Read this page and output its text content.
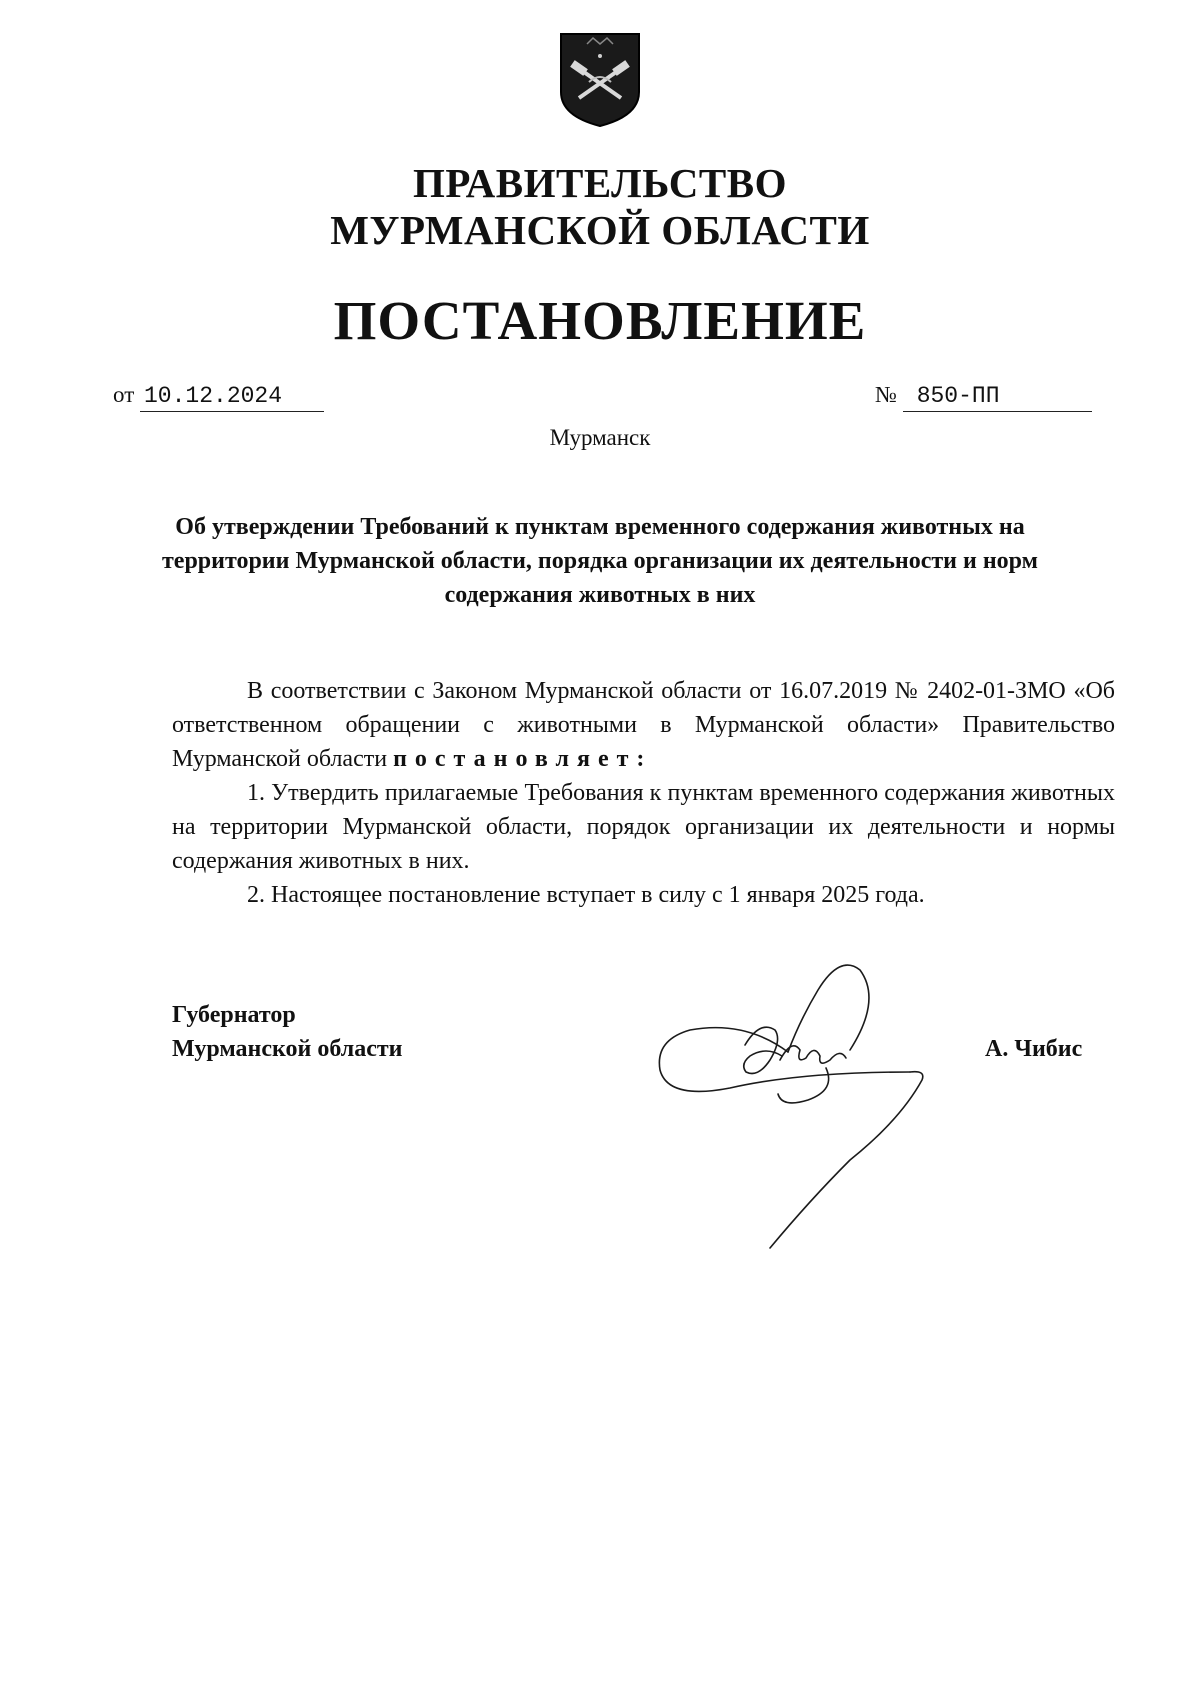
ПРАВИТЕЛЬСТВО
МУРМАНСКОЙ ОБЛАСТИ
ПОСТАНОВЛЕНИЕ
от 10.12.2024	№ 850-ПП
Мурманск
Об утверждении Требований к пунктам временного содержания животных на территории Мурманской области, порядка организации их деятельности и норм содержания животных в них

В соответствии с Законом Мурманской области от 16.07.2019 № 2402-01-ЗМО «Об ответственном обращении с животными в Мурманской области» Правительство Мурманской области постановляет:

1. Утвердить прилагаемые Требования к пунктам временного содержания животных на территории Мурманской области, порядок организации их деятельности и нормы содержания животных в них.

2. Настоящее постановление вступает в силу с 1 января 2025 года.

Губернатор
Мурманской области	А. Чибис
